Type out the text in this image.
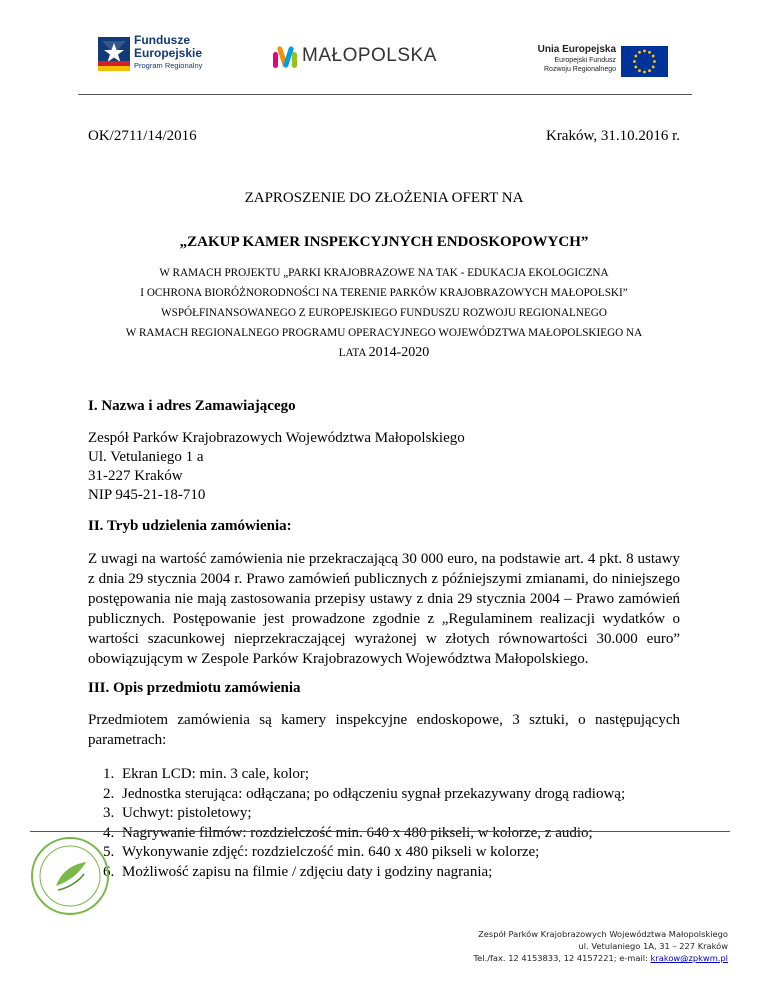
Fundusze
Europejskie
Program Regionalny	MAŁOPOLSKA	Unia Europejska
Europejski Fundusz
Rozwoju Regionalnego
OK/2711/14/2016	Kraków, 31.10.2016 r.
ZAPROSZENIE DO ZŁOŻENIA OFERT NA
„ZAKUP KAMER INSPEKCYJNYCH ENDOSKOPOWYCH”
W RAMACH PROJEKTU „PARKI KRAJOBRAZOWE NA TAK - EDUKACJA EKOLOGICZNA
I OCHRONA BIORÓŻNORODNOŚCI NA TERENIE PARKÓW KRAJOBRAZOWYCH MAŁOPOLSKI”
WSPÓŁFINANSOWANEGO Z EUROPEJSKIEGO FUNDUSZU ROZWOJU REGIONALNEGO
W RAMACH REGIONALNEGO PROGRAMU OPERACYJNEGO WOJEWÓDZTWA MAŁOPOLSKIEGO NA
LATA 2014-2020
I. Nazwa i adres Zamawiającego
Zespół Parków Krajobrazowych Województwa Małopolskiego
Ul. Vetulaniego 1 a
31-227 Kraków
NIP 945-21-18-710
II. Tryb udzielenia zamówienia:

Z uwagi na wartość zamówienia nie przekraczającą 30 000 euro, na podstawie art. 4 pkt. 8 ustawy z dnia 29 stycznia 2004 r. Prawo zamówień publicznych z późniejszymi zmianami, do niniejszego postępowania nie mają zastosowania przepisy ustawy z dnia 29 stycznia 2004 – Prawo zamówień publicznych. Postępowanie jest prowadzone zgodnie z „Regulaminem realizacji wydatków o wartości szacunkowej nieprzekraczającej wyrażonej w złotych równowartości 30.000 euro” obowiązującym w Zespole Parków Krajobrazowych Województwa Małopolskiego.

III. Opis przedmiotu zamówienia

Przedmiotem zamówienia są kamery inspekcyjne endoskopowe, 3 sztuki, o następujących parametrach:

1. Ekran LCD: min. 3 cale, kolor;
2. Jednostka sterująca: odłączana; po odłączeniu sygnał przekazywany drogą radiową;
3. Uchwyt: pistoletowy;
4. Nagrywanie filmów: rozdzielczość min. 640 x 480 pikseli, w kolorze, z audio;
5. Wykonywanie zdjęć: rozdzielczość min. 640 x 480 pikseli w kolorze;
6. Możliwość zapisu na filmie / zdjęciu daty i godziny nagrania;
Zespół Parków Krajobrazowych Województwa Małopolskiego
ul. Vetulaniego 1A, 31 – 227 Kraków
Tel./fax. 12 4153833, 12 4157221; e-mail: krakow@zpkwm.pl
